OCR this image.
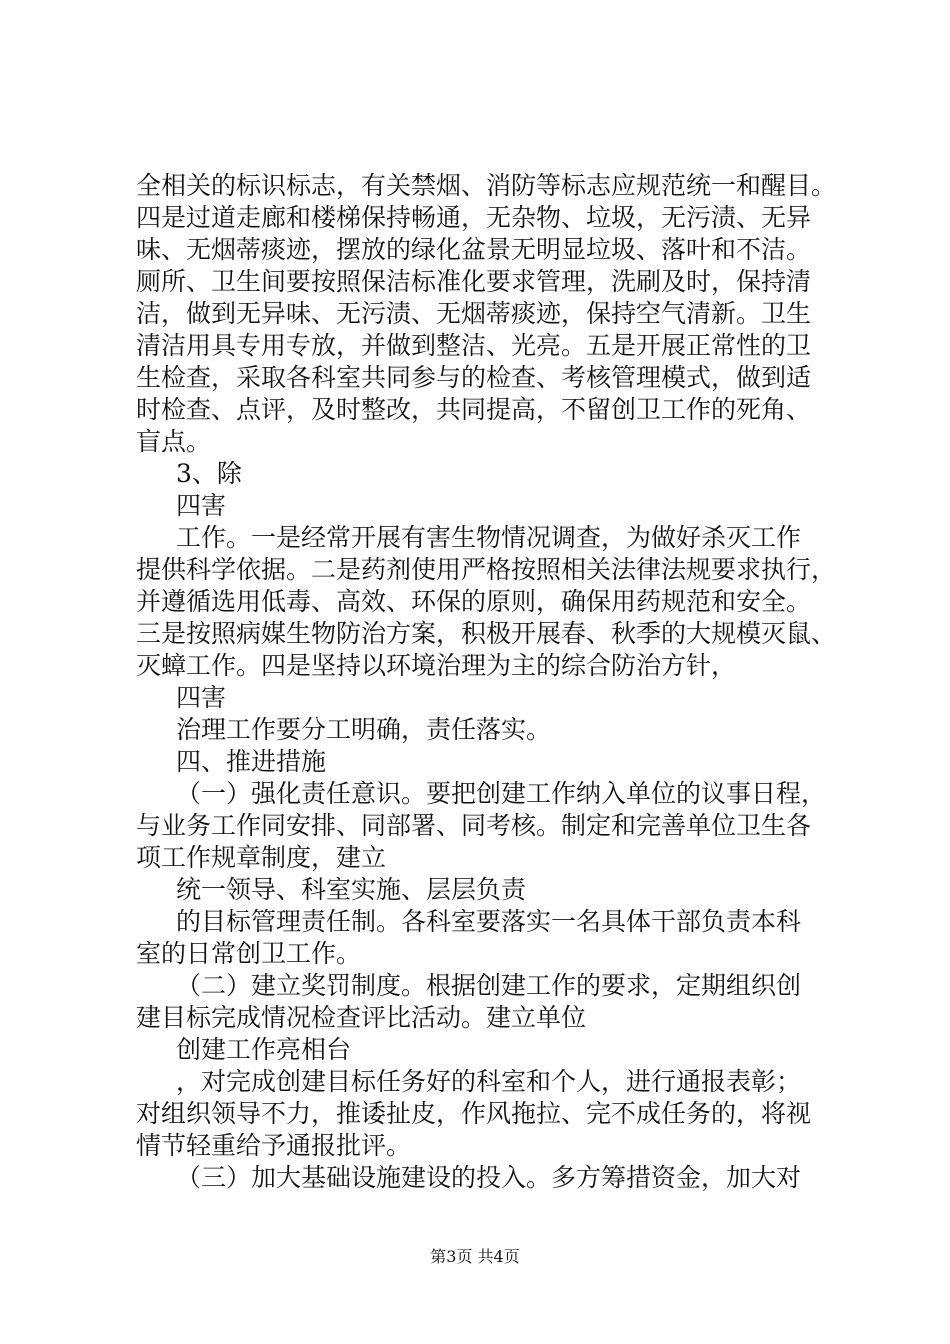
全相关的标识标志，有关禁烟、消防等标志应规范统一和醒目。
四是过道走廊和楼梯保持畅通，无杂物、垃圾，无污渍、无异
味、无烟蒂痰迹，摆放的绿化盆景无明显垃圾、落叶和不洁。
厕所、卫生间要按照保洁标准化要求管理，洗刷及时，保持清
洁，做到无异味、无污渍、无烟蒂痰迹，保持空气清新。卫生
清洁用具专用专放，并做到整洁、光亮。五是开展正常性的卫
生检查，采取各科室共同参与的检查、考核管理模式，做到适
时检查、点评，及时整改，共同提高，不留创卫工作的死角、
盲点。
3、除
四害
工作。一是经常开展有害生物情况调查，为做好杀灭工作
提供科学依据。二是药剂使用严格按照相关法律法规要求执行，
并遵循选用低毒、高效、环保的原则，确保用药规范和安全。
三是按照病媒生物防治方案，积极开展春、秋季的大规模灭鼠、
灭蟑工作。四是坚持以环境治理为主的综合防治方针，
四害
治理工作要分工明确，责任落实。
四、推进措施
（一）强化责任意识。要把创建工作纳入单位的议事日程，
与业务工作同安排、同部署、同考核。制定和完善单位卫生各
项工作规章制度，建立
统一领导、科室实施、层层负责
的目标管理责任制。各科室要落实一名具体干部负责本科
室的日常创卫工作。
（二）建立奖罚制度。根据创建工作的要求，定期组织创
建目标完成情况检查评比活动。建立单位
创建工作亮相台
，对完成创建目标任务好的科室和个人，进行通报表彰；
对组织领导不力，推诿扯皮，作风拖拉、完不成任务的，将视
情节轻重给予通报批评。
（三）加大基础设施建设的投入。多方筹措资金，加大对
第3页 共4页
